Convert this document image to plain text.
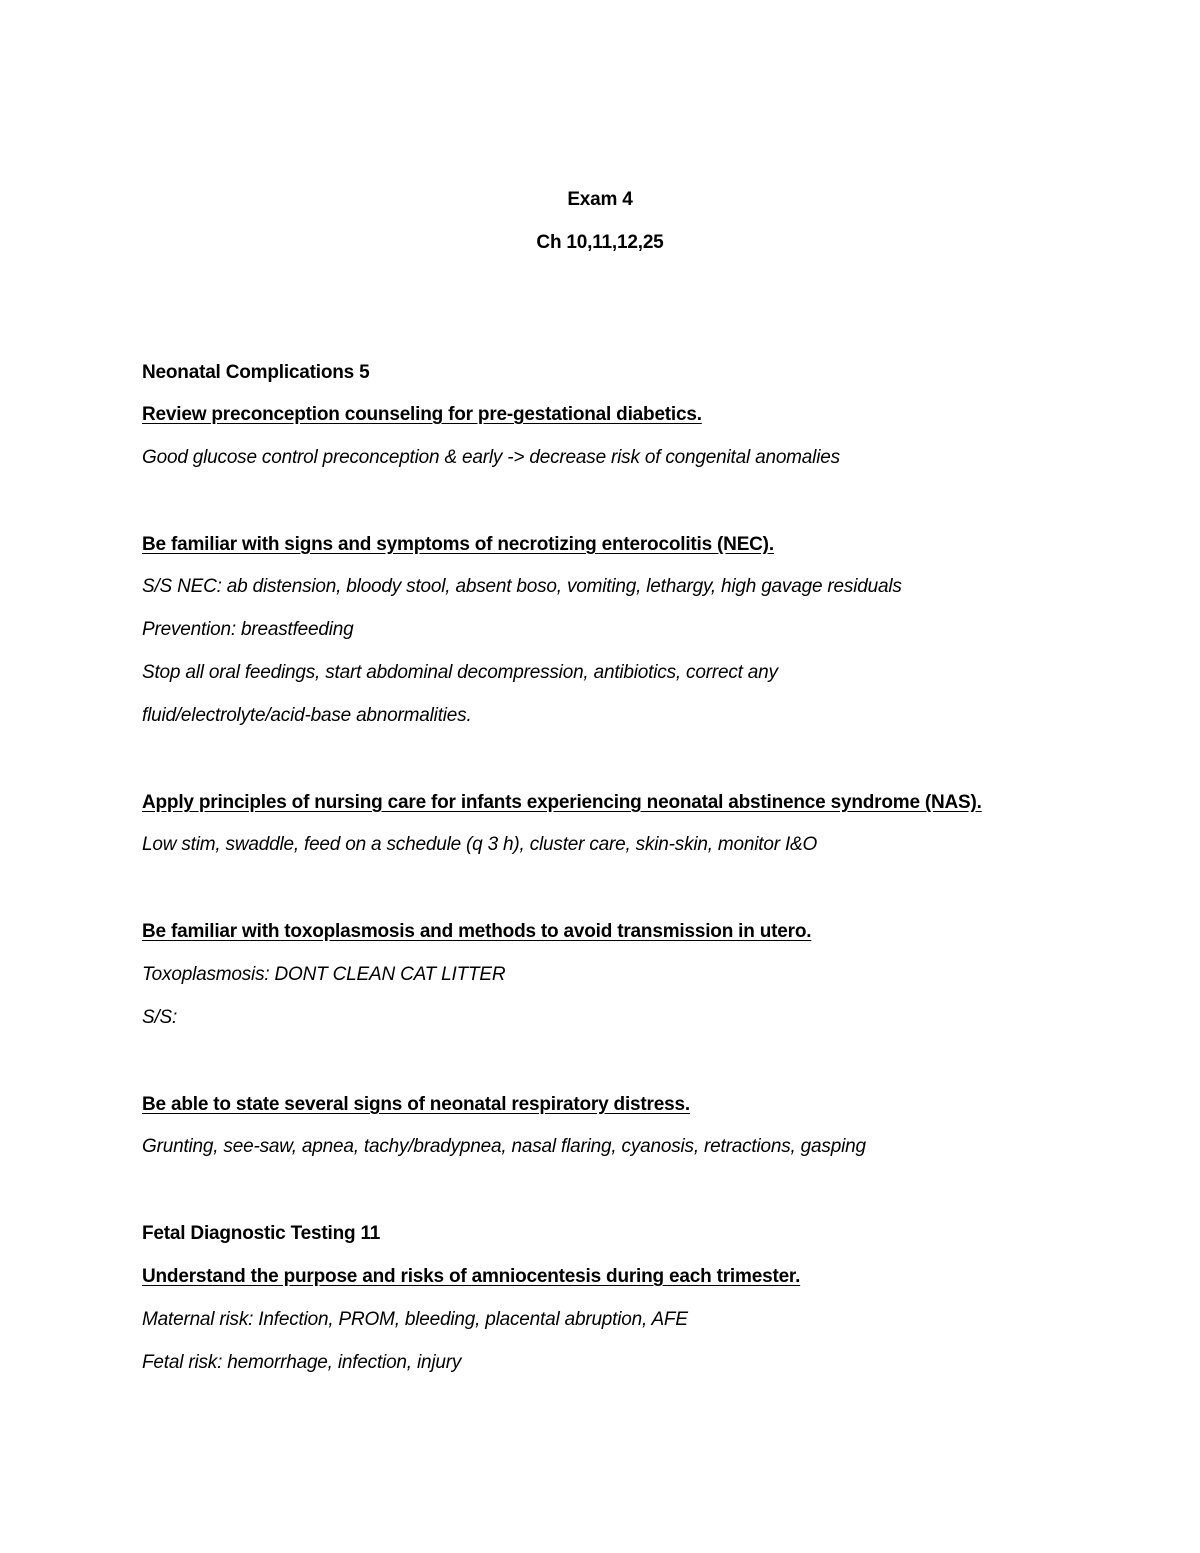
Exam 4
Ch 10,11,12,25
Neonatal Complications 5
Review preconception counseling for pre-gestational diabetics.
Good glucose control preconception & early -> decrease risk of congenital anomalies
Be familiar with signs and symptoms of necrotizing enterocolitis (NEC).
S/S NEC: ab distension, bloody stool, absent boso, vomiting, lethargy, high gavage residuals
Prevention: breastfeeding
Stop all oral feedings, start abdominal decompression, antibiotics, correct any
fluid/electrolyte/acid-base abnormalities.
Apply principles of nursing care for infants experiencing neonatal abstinence syndrome (NAS).
Low stim, swaddle, feed on a schedule (q 3 h), cluster care, skin-skin, monitor I&O
Be familiar with toxoplasmosis and methods to avoid transmission in utero.
Toxoplasmosis: DONT CLEAN CAT LITTER
S/S:
Be able to state several signs of neonatal respiratory distress.
Grunting, see-saw, apnea, tachy/bradypnea, nasal flaring, cyanosis, retractions, gasping
Fetal Diagnostic Testing 11
Understand the purpose and risks of amniocentesis during each trimester.
Maternal risk: Infection, PROM, bleeding, placental abruption, AFE
Fetal risk: hemorrhage, infection, injury
